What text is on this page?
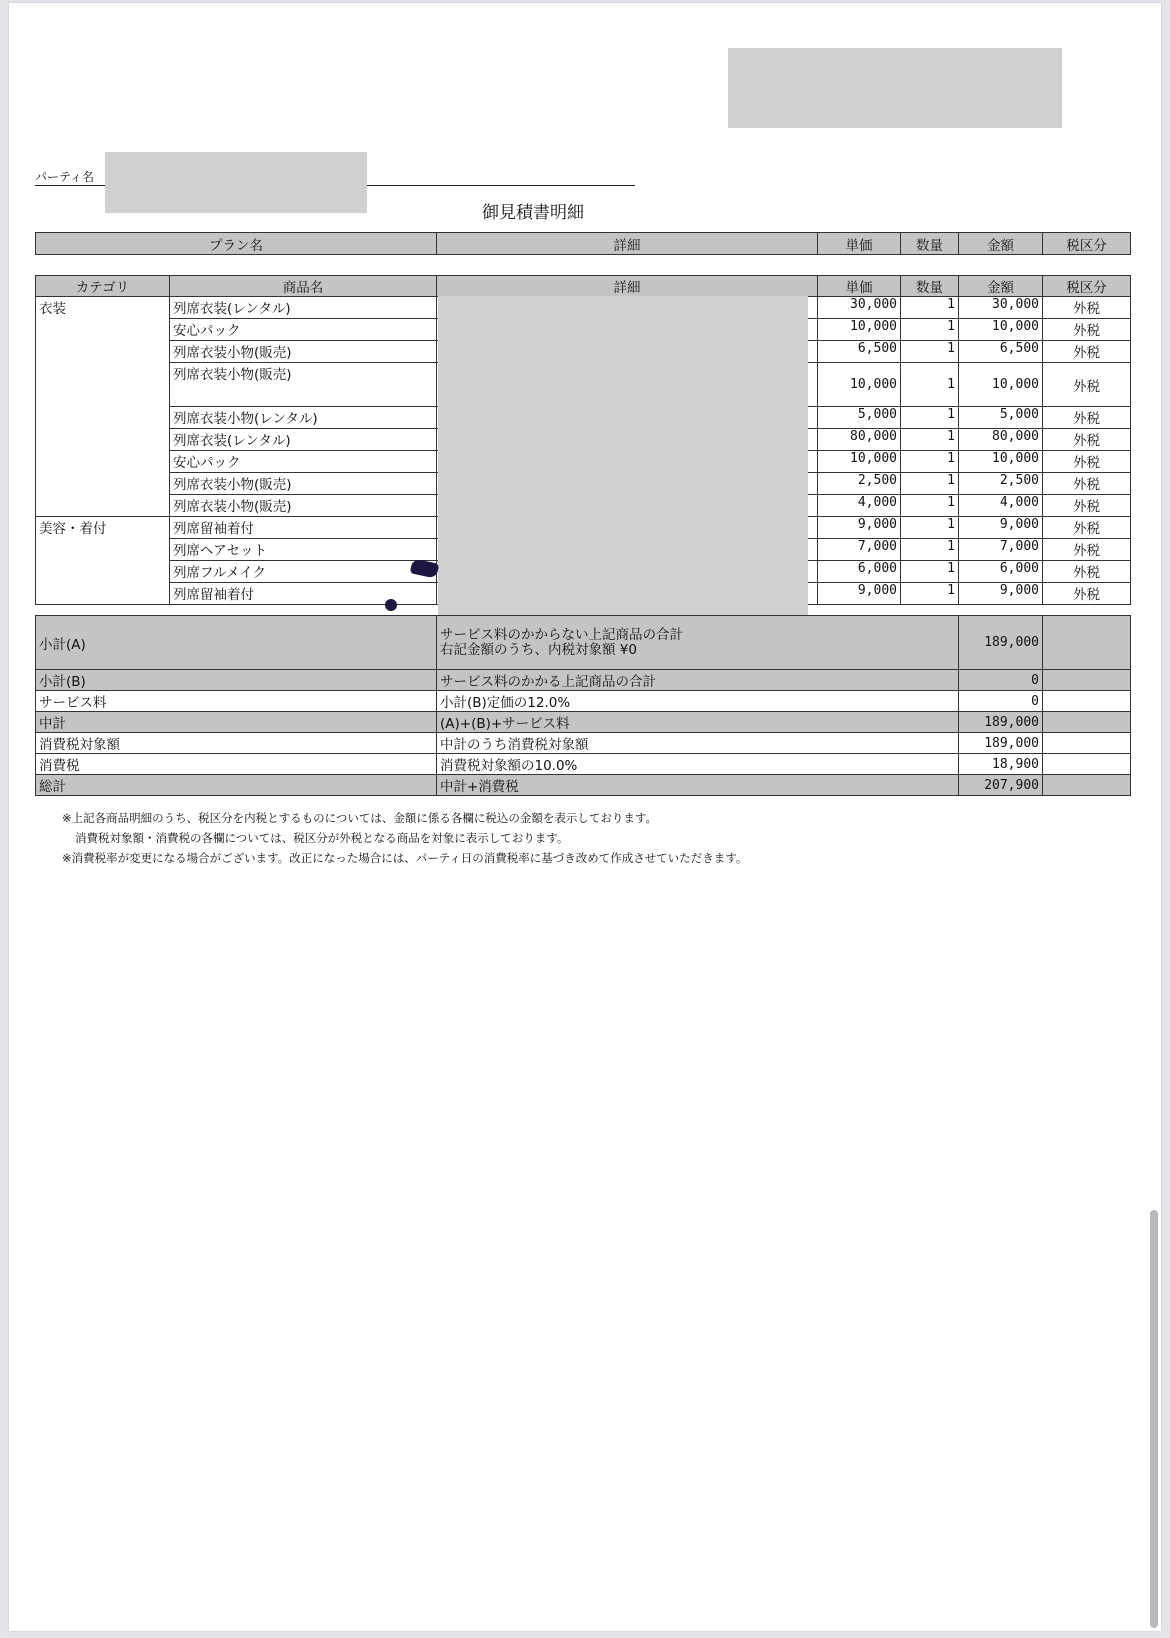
パーティ名
御見積書明細
プラン名	詳細	単価	数量	金額	税区分
カテゴリ	商品名	詳細	単価	数量	金額	税区分
衣装	列席衣装(レンタル)		30,000	1	30,000	外税
	安心パック		10,000	1	10,000	外税
	列席衣装小物(販売)		6,500	1	6,500	外税
	列席衣装小物(販売)		10,000	1	10,000	外税
	列席衣装小物(レンタル)		5,000	1	5,000	外税
	列席衣装(レンタル)		80,000	1	80,000	外税
	安心パック		10,000	1	10,000	外税
	列席衣装小物(販売)		2,500	1	2,500	外税
	列席衣装小物(販売)		4,000	1	4,000	外税
美容・着付	列席留袖着付		9,000	1	9,000	外税
	列席ヘアセット		7,000	1	7,000	外税
	列席フルメイク		6,000	1	6,000	外税
	列席留袖着付		9,000	1	9,000	外税
小計(A)	サービス料のかからない上記商品の合計
右記金額のうち、内税対象額 ¥0	189,000	
小計(B)	サービス料のかかる上記商品の合計	0	
サービス料	小計(B)定価の12.0%	0	
中計	(A)+(B)+サービス料	189,000	
消費税対象額	中計のうち消費税対象額	189,000	
消費税	消費税対象額の10.0%	18,900	
総計	中計+消費税	207,900	
※上記各商品明細のうち、税区分を内税とするものについては、金額に係る各欄に税込の金額を表示しております。
消費税対象額・消費税の各欄については、税区分が外税となる商品を対象に表示しております。
※消費税率が変更になる場合がございます。改正になった場合には、パーティ日の消費税率に基づき改めて作成させていただきます。
